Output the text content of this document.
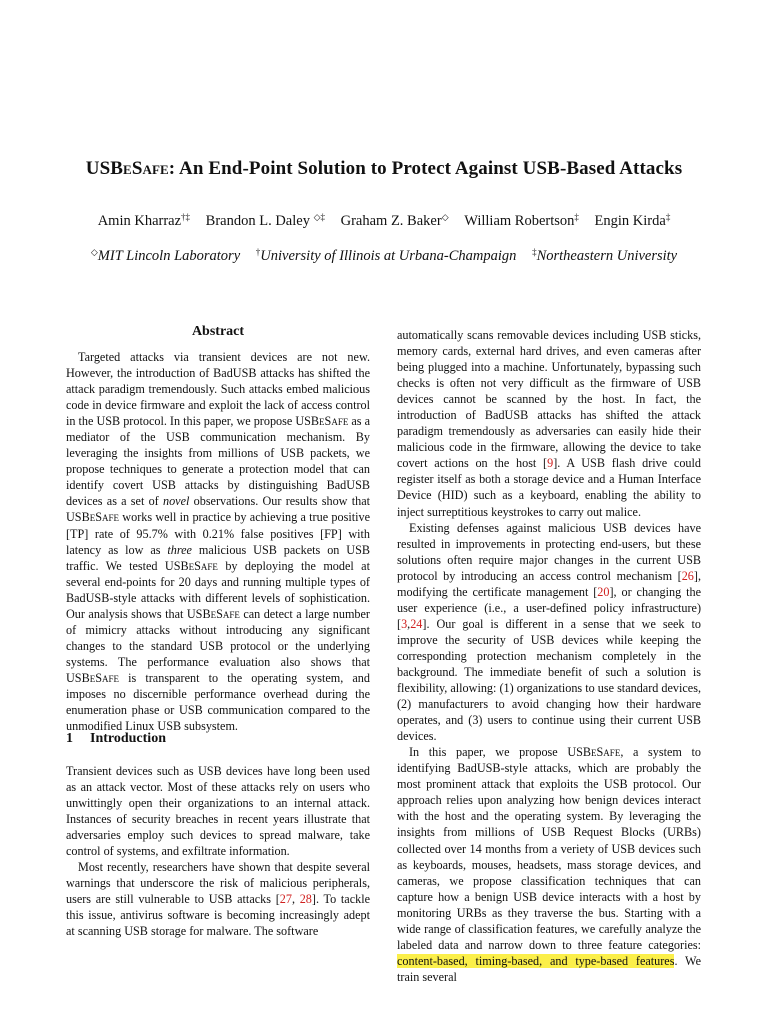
USBeSafe: An End-Point Solution to Protect Against USB-Based Attacks
Amin Kharraz†‡ Brandon L. Daley ◇‡ Graham Z. Baker◇ William Robertson‡ Engin Kirda‡
◇MIT Lincoln Laboratory †University of Illinois at Urbana-Champaign ‡Northeastern University
Abstract

Targeted attacks via transient devices are not new. However, the introduction of BadUSB attacks has shifted the attack paradigm tremendously. Such attacks embed malicious code in device firmware and exploit the lack of access control in the USB protocol. In this paper, we propose USBeSafe as a mediator of the USB communication mechanism. By leveraging the insights from millions of USB packets, we propose techniques to generate a protection model that can identify covert USB attacks by distinguishing BadUSB devices as a set of novel observations. Our results show that USBeSafe works well in practice by achieving a true positive [TP] rate of 95.7% with 0.21% false positives [FP] with latency as low as three malicious USB packets on USB traffic. We tested USBeSafe by deploying the model at several end-points for 20 days and running multiple types of BadUSB-style attacks with different levels of sophistication. Our analysis shows that USBeSafe can detect a large number of mimicry attacks without introducing any significant changes to the standard USB protocol or the underlying systems. The performance evaluation also shows that USBeSafe is transparent to the operating system, and imposes no discernible performance overhead during the enumeration phase or USB communication compared to the unmodified Linux USB subsystem.

1 Introduction

Transient devices such as USB devices have long been used as an attack vector. Most of these attacks rely on users who unwittingly open their organizations to an internal attack. Instances of security breaches in recent years illustrate that adversaries employ such devices to spread malware, take control of systems, and exfiltrate information.

Most recently, researchers have shown that despite several warnings that underscore the risk of malicious peripherals, users are still vulnerable to USB attacks [27, 28]. To tackle this issue, antivirus software is becoming increasingly adept at scanning USB storage for malware. The software

automatically scans removable devices including USB sticks, memory cards, external hard drives, and even cameras after being plugged into a machine. Unfortunately, bypassing such checks is often not very difficult as the firmware of USB devices cannot be scanned by the host. In fact, the introduction of BadUSB attacks has shifted the attack paradigm tremendously as adversaries can easily hide their malicious code in the firmware, allowing the device to take covert actions on the host [9]. A USB flash drive could register itself as both a storage device and a Human Interface Device (HID) such as a keyboard, enabling the ability to inject surreptitious keystrokes to carry out malice.

Existing defenses against malicious USB devices have resulted in improvements in protecting end-users, but these solutions often require major changes in the current USB protocol by introducing an access control mechanism [26], modifying the certificate management [20], or changing the user experience (i.e., a user-defined policy infrastructure) [3,24]. Our goal is different in a sense that we seek to improve the security of USB devices while keeping the corresponding protection mechanism completely in the background. The immediate benefit of such a solution is flexibility, allowing: (1) organizations to use standard devices, (2) manufacturers to avoid changing how their hardware operates, and (3) users to continue using their current USB devices.

In this paper, we propose USBeSafe, a system to identifying BadUSB-style attacks, which are probably the most prominent attack that exploits the USB protocol. Our approach relies upon analyzing how benign devices interact with the host and the operating system. By leveraging the insights from millions of USB Request Blocks (URBs) collected over 14 months from a veriety of USB devices such as keyboards, mouses, headsets, mass storage devices, and cameras, we propose classification techniques that can capture how a benign USB device interacts with a host by monitoring URBs as they traverse the bus. Starting with a wide range of classification features, we carefully analyze the labeled data and narrow down to three feature categories: content-based, timing-based, and type-based features. We train several
